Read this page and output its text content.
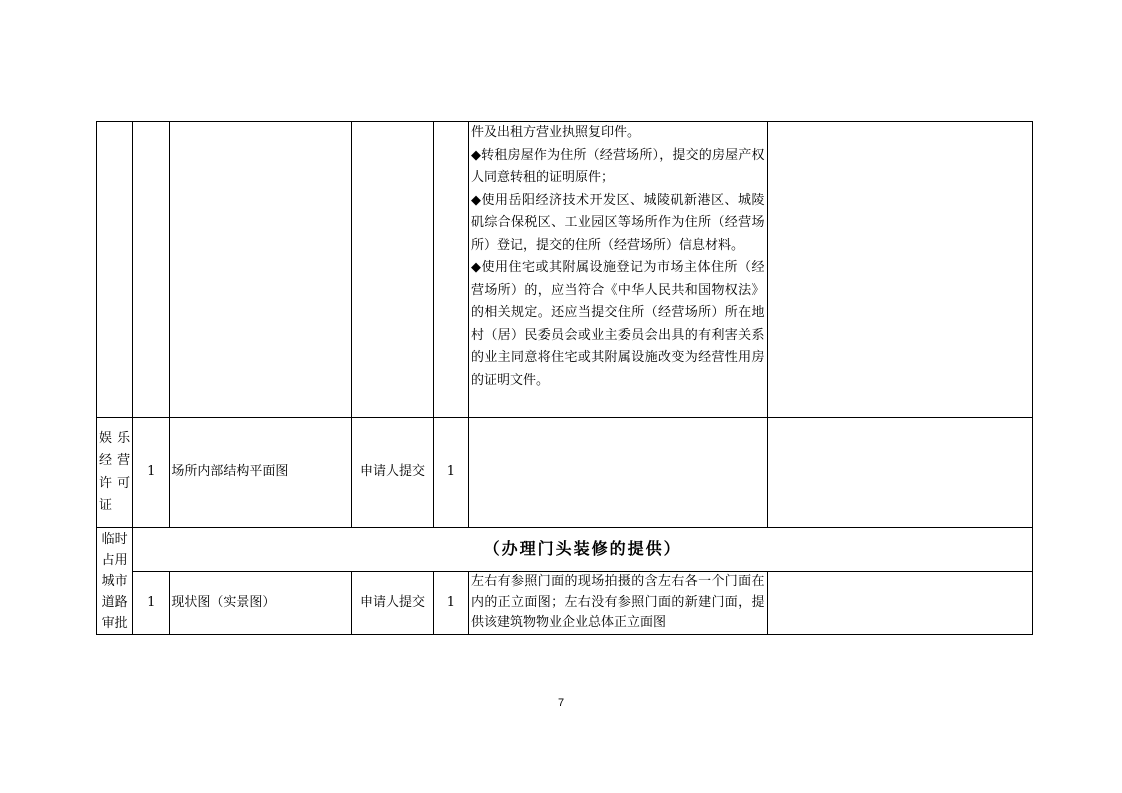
					件及出租方营业执照复印件。

◆转租房屋作为住所（经营场所），提交的房屋产权人同意转租的证明原件；

◆使用岳阳经济技术开发区、城陵矶新港区、城陵矶综合保税区、工业园区等场所作为住所（经营场所）登记，提交的住所（经营场所）信息材料。

◆使用住宅或其附属设施登记为市场主体住所（经营场所）的，应当符合《中华人民共和国物权法》的相关规定。还应当提交住所（经营场所）所在地村（居）民委员会或业主委员会出具的有利害关系的业主同意将住宅或其附属设施改变为经营性用房的证明文件。	

娱 乐
经 营
许 可
证	1	场所内部结构平面图	申请人提交	1		

临时
占用
城市
道路
审批	（办理门头装修的提供）					
	1	现状图（实景图）	申请人提交	1	左右有参照门面的现场拍摄的含左右各一个门面在内的正立面图；左右没有参照门面的新建门面，提供该建筑物物业企业总体正立面图	
7
